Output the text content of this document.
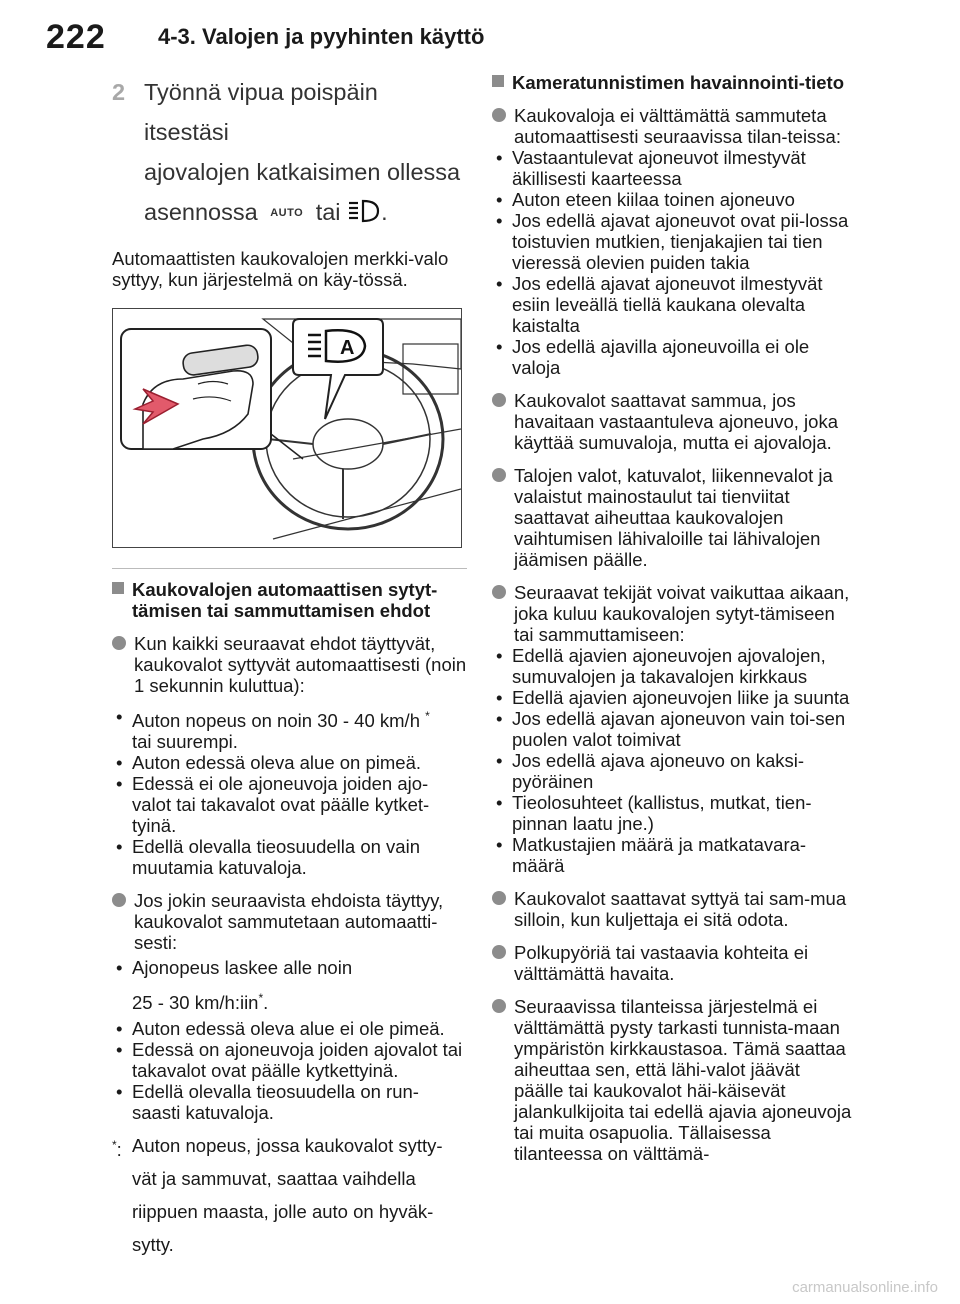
222 4-3. Valojen ja pyyhinten käyttö
2 Työnnä vipua poispäin itsestäsi
ajovalojen katkaisimen ollessa
asennossa AUTO tai .

Automaattisten kaukovalojen merkki-valo syttyy, kun järjestelmä on käy-tössä.

A
Kaukovalojen automaattisen sytyt-tämisen tai sammuttamisen ehdot
Kun kaikki seuraavat ehdot täyttyvät, kaukovalot syttyvät automaattisesti (noin 1 sekunnin kuluttua):

• Auton nopeus on noin 30 - 40 km/h *
tai suurempi.

• Auton edessä oleva alue on pimeä.

• Edessä ei ole ajoneuvoja joiden ajo-valot tai takavalot ovat päälle kytket-tyinä.

• Edellä olevalla tieosuudella on vain muutamia katuvaloja.

Jos jokin seuraavista ehdoista täyttyy, kaukovalot sammutetaan automaatti-sesti:

• Ajonopeus laskee alle noin
25 - 30 km/h:iin*.

• Auton edessä oleva alue ei ole pimeä.

• Edessä on ajoneuvoja joiden ajovalot tai takavalot ovat päälle kytkettyinä.

• Edellä olevalla tieosuudella on run-saasti katuvaloja.

*: Auton nopeus, jossa kaukovalot sytty-vät ja sammuvat, saattaa vaihdella riippuen maasta, jolle auto on hyväk-sytty.
Kameratunnistimen havainnointi-tieto
Kaukovaloja ei välttämättä sammuteta automaattisesti seuraavissa tilan-teissa:

• Vastaantulevat ajoneuvot ilmestyvät äkillisesti kaarteessa

• Auton eteen kiilaa toinen ajoneuvo

• Jos edellä ajavat ajoneuvot ovat pii-lossa toistuvien mutkien, tienjakajien tai tien vieressä olevien puiden takia

• Jos edellä ajavat ajoneuvot ilmestyvät esiin leveällä tiellä kaukana olevalta kaistalta

• Jos edellä ajavilla ajoneuvoilla ei ole valoja

Kaukovalot saattavat sammua, jos havaitaan vastaantuleva ajoneuvo, joka käyttää sumuvaloja, mutta ei ajovaloja.
Talojen valot, katuvalot, liikennevalot ja valaistut mainostaulut tai tienviitat saattavat aiheuttaa kaukovalojen vaihtumisen lähivaloille tai lähivalojen jäämisen päälle.
Seuraavat tekijät voivat vaikuttaa aikaan, joka kuluu kaukovalojen sytyt-tämiseen tai sammuttamiseen:

• Edellä ajavien ajoneuvojen ajovalojen, sumuvalojen ja takavalojen kirkkaus

• Edellä ajavien ajoneuvojen liike ja suunta

• Jos edellä ajavan ajoneuvon vain toi-sen puolen valot toimivat

• Jos edellä ajava ajoneuvo on kaksi-pyöräinen

• Tieolosuhteet (kallistus, mutkat, tien-pinnan laatu jne.)

• Matkustajien määrä ja matkatavara-määrä

Kaukovalot saattavat syttyä tai sam-mua silloin, kun kuljettaja ei sitä odota.
Polkupyöriä tai vastaavia kohteita ei välttämättä havaita.
Seuraavissa tilanteissa järjestelmä ei välttämättä pysty tarkasti tunnista-maan ympäristön kirkkaustasoa. Tämä saattaa aiheuttaa sen, että lähi-valot jäävät päälle tai kaukovalot häi-käisevät jalankulkijoita tai edellä ajavia ajoneuvoja tai muita osapuolia. Tällaisessa tilanteessa on välttämä-
carmanualsonline.info
